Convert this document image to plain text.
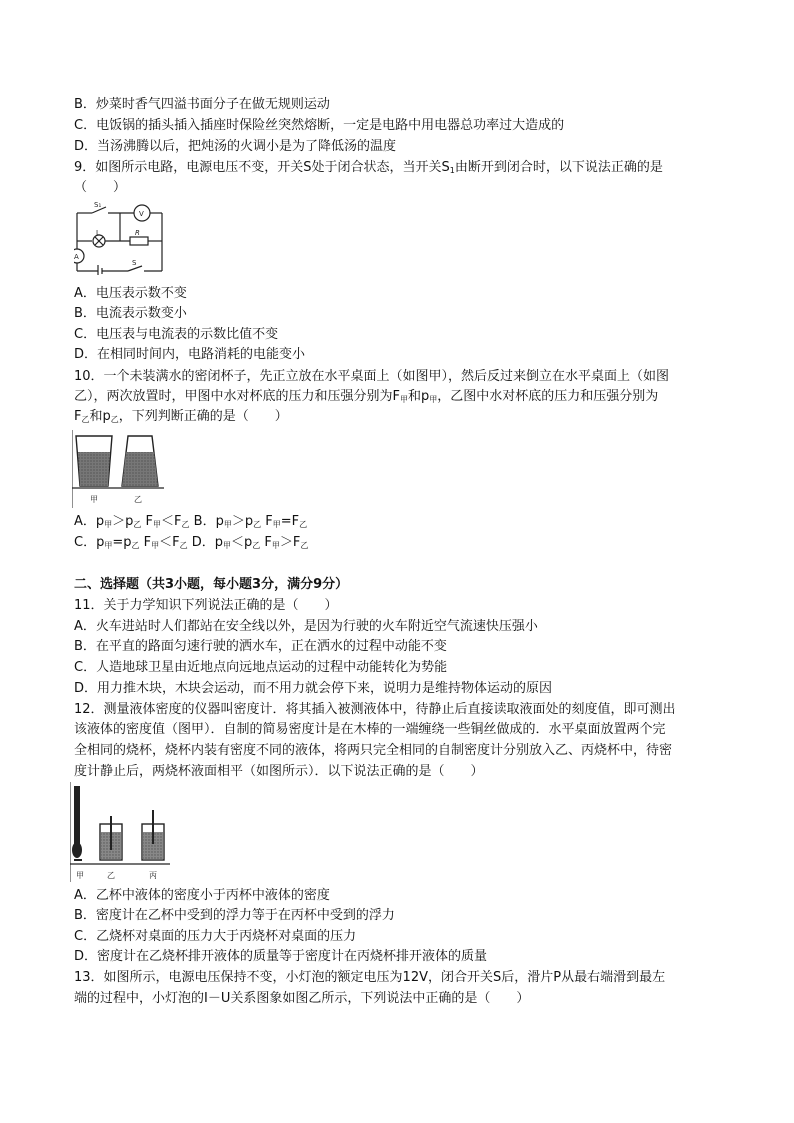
B．炒菜时香气四溢书面分子在做无规则运动
C．电饭锅的插头插入插座时保险丝突然熔断，一定是电路中用电器总功率过大造成的
D．当汤沸腾以后，把炖汤的火调小是为了降低汤的温度
9．如图所示电路，电源电压不变，开关S处于闭合状态，当开关$S_1$由断开到闭合时，以下说法正确的是
（　　）
S₁
V
L	R
A
S
A．电压表示数不变
B．电流表示数变小
C．电压表与电流表的示数比值不变
D．在相同时间内，电路消耗的电能变小
10．一个未装满水的密闭杯子，先正立放在水平桌面上（如图甲），然后反过来倒立在水平桌面上（如图
乙），两次放置时，甲图中水对杯底的压力和压强分别为$F_甲$和$p_甲$，乙图中水对杯底的压力和压强分别为
$F_乙$和$p_乙$，下列判断正确的是（　　）
甲	乙
A．$p_甲>p_乙$ $F_甲<F_乙$ B．$p_甲>p_乙$ $F_甲=F_乙$
C．$p_甲=p_乙$ $F_甲<F_乙$ D．$p_甲<p_乙$ $F_甲>F_乙$
二、选择题（共3小题，每小题3分，满分9分）
11．关于力学知识下列说法正确的是（　　）
A．火车进站时人们都站在安全线以外，是因为行驶的火车附近空气流速快压强小
B．在平直的路面匀速行驶的洒水车，正在洒水的过程中动能不变
C．人造地球卫星由近地点向远地点运动的过程中动能转化为势能
D．用力推木块，木块会运动，而不用力就会停下来，说明力是维持物体运动的原因
12．测量液体密度的仪器叫密度计．将其插入被测液体中，待静止后直接读取液面处的刻度值，即可测出
该液体的密度值（图甲）．自制的简易密度计是在木棒的一端缠绕一些铜丝做成的．水平桌面放置两个完
全相同的烧杯，烧杯内装有密度不同的液体，将两只完全相同的自制密度计分别放入乙、丙烧杯中，待密
度计静止后，两烧杯液面相平（如图所示）．以下说法正确的是（　　）
甲	乙	丙
A．乙杯中液体的密度小于丙杯中液体的密度
B．密度计在乙杯中受到的浮力等于在丙杯中受到的浮力
C．乙烧杯对桌面的压力大于丙烧杯对桌面的压力
D．密度计在乙烧杯排开液体的质量等于密度计在丙烧杯排开液体的质量
13．如图所示，电源电压保持不变，小灯泡的额定电压为12V，闭合开关S后，滑片P从最右端滑到最左
端的过程中，小灯泡的I－U关系图象如图乙所示，下列说法中正确的是（　　）
